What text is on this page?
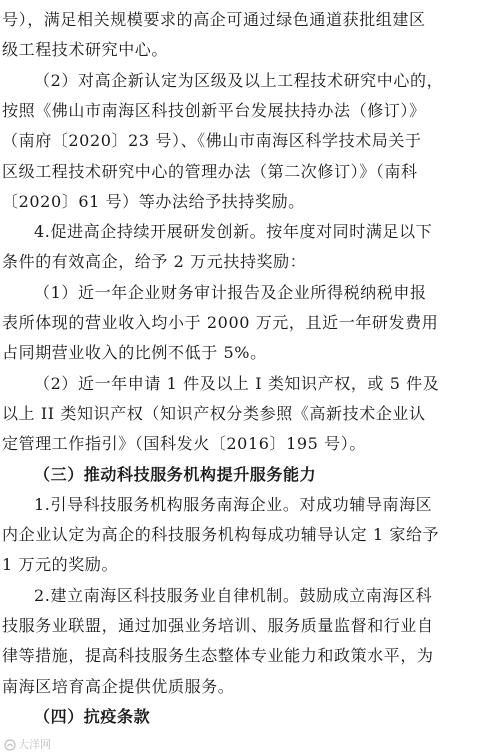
号），满足相关规模要求的高企可通过绿色通道获批组建区
级工程技术研究中心。
（2）对高企新认定为区级及以上工程技术研究中心的，
按照《佛山市南海区科技创新平台发展扶持办法（修订）》
（南府〔2020〕23 号）、《佛山市南海区科学技术局关于
区级工程技术研究中心的管理办法（第二次修订）》（南科
〔2020〕61 号）等办法给予扶持奖励。
4.促进高企持续开展研发创新。按年度对同时满足以下
条件的有效高企，给予 2 万元扶持奖励：
（1）近一年企业财务审计报告及企业所得税纳税申报
表所体现的营业收入均小于 2000 万元，且近一年研发费用
占同期营业收入的比例不低于 5%。
（2）近一年申请 1 件及以上 I 类知识产权，或 5 件及
以上 II 类知识产权（知识产权分类参照《高新技术企业认
定管理工作指引》（国科发火〔2016〕195 号）。
（三）推动科技服务机构提升服务能力
1.引导科技服务机构服务南海企业。对成功辅导南海区
内企业认定为高企的科技服务机构每成功辅导认定 1 家给予
1 万元的奖励。
2.建立南海区科技服务业自律机制。鼓励成立南海区科
技服务业联盟，通过加强业务培训、服务质量监督和行业自
律等措施，提高科技服务生态整体专业能力和政策水平，为
南海区培育高企提供优质服务。
（四）抗疫条款
大洋网
